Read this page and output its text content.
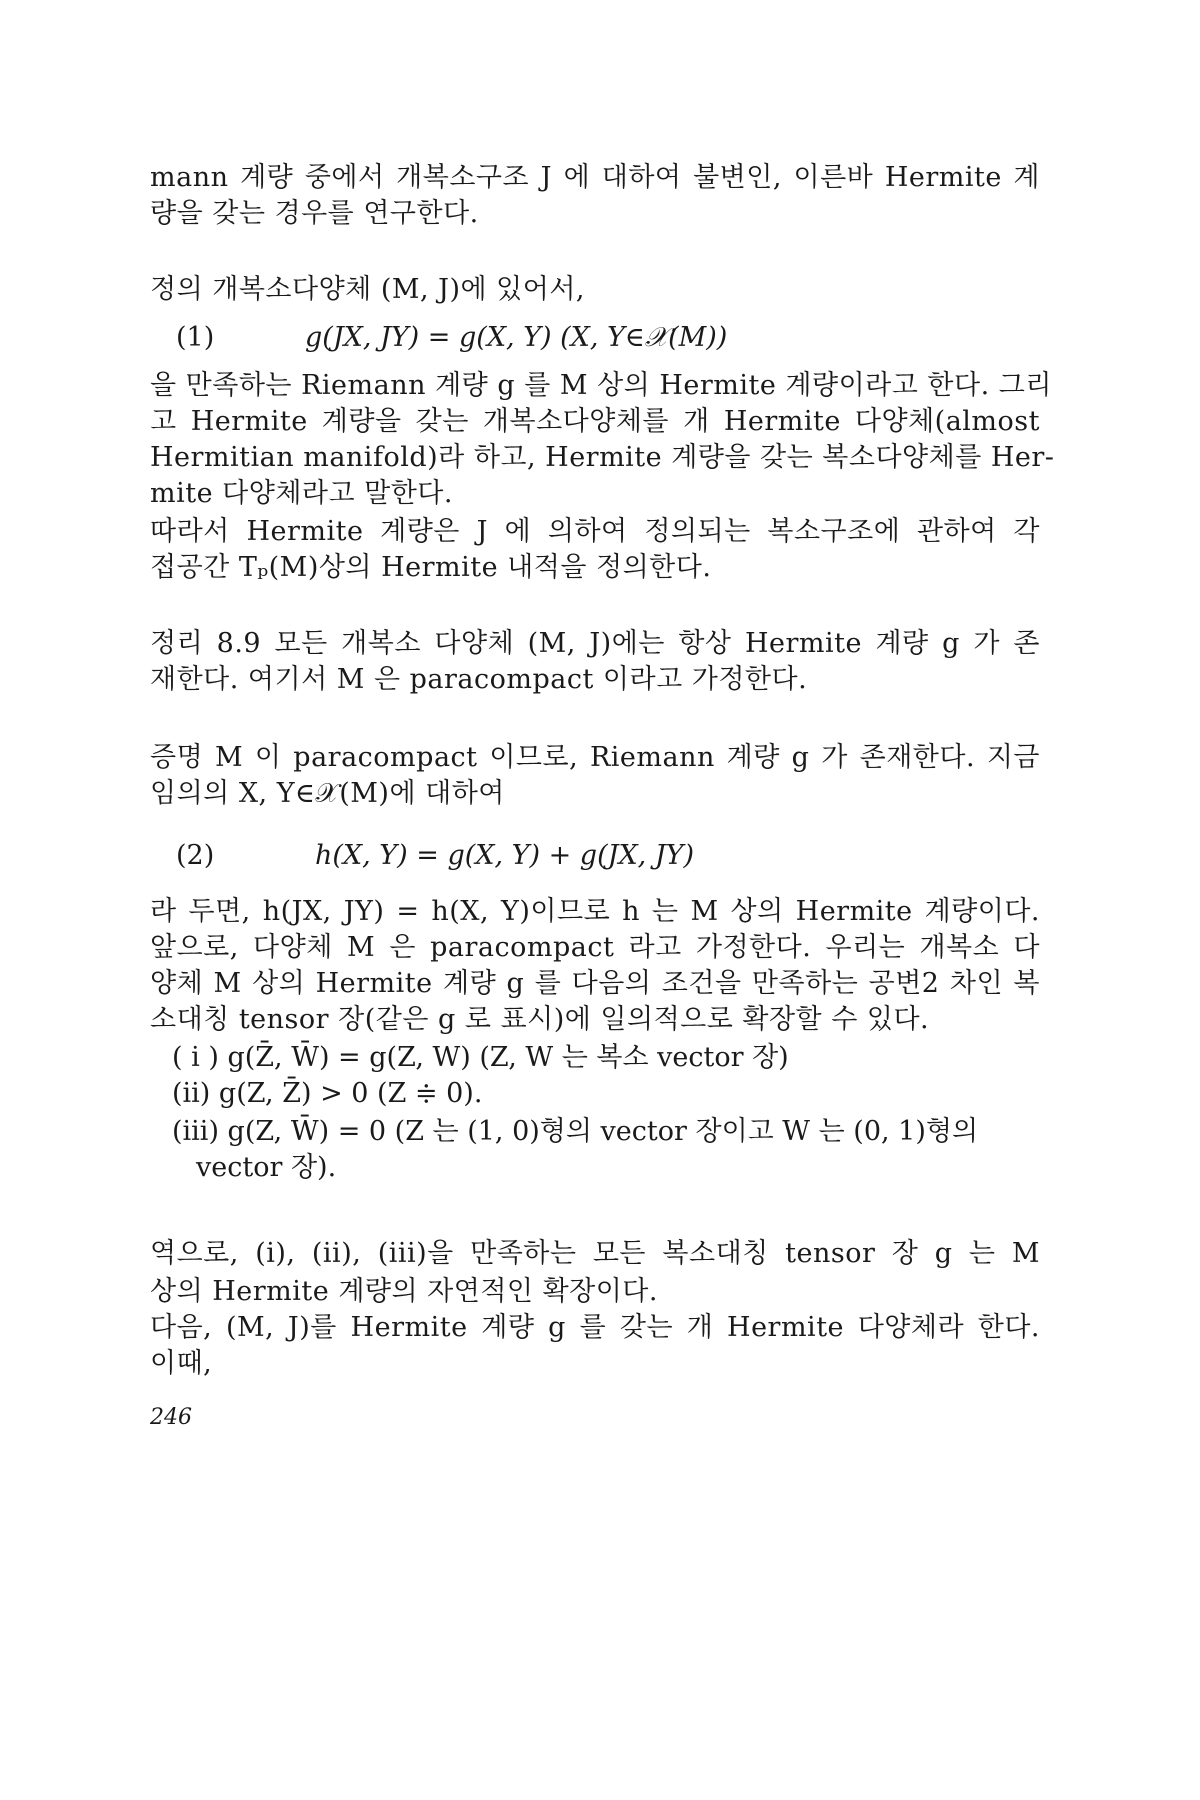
mann 계량 중에서 개복소구조 J 에 대하여 불변인, 이른바 Hermite 계
량을 갖는 경우를 연구한다.
정의 개복소다양체 (M, J)에 있어서,
(1)	g(JX, JY) = g(X, Y) (X, Y∈𝒳(M))
을 만족하는 Riemann 계량 g 를 M 상의 Hermite 계량이라고 한다. 그리
고 Hermite 계량을 갖는 개복소다양체를 개 Hermite 다양체(almost
Hermitian manifold)라 하고, Hermite 계량을 갖는 복소다양체를 Her-
mite 다양체라고 말한다.
따라서 Hermite 계량은 J 에 의하여 정의되는 복소구조에 관하여 각
접공간 Tₚ(M)상의 Hermite 내적을 정의한다.
정리 8.9 모든 개복소 다양체 (M, J)에는 항상 Hermite 계량 g 가 존
재한다. 여기서 M 은 paracompact 이라고 가정한다.
증명 M 이 paracompact 이므로, Riemann 계량 g 가 존재한다. 지금
임의의 X, Y∈𝒳(M)에 대하여
(2)	h(X, Y) = g(X, Y) + g(JX, JY)
라 두면, h(JX, JY) = h(X, Y)이므로 h 는 M 상의 Hermite 계량이다.
앞으로, 다양체 M 은 paracompact 라고 가정한다. 우리는 개복소 다
양체 M 상의 Hermite 계량 g 를 다음의 조건을 만족하는 공변2 차인 복
소대칭 tensor 장(같은 g 로 표시)에 일의적으로 확장할 수 있다.
( i ) g(Z̄, W̄) = g(Z, W) (Z, W 는 복소 vector 장)
(ii) g(Z, Z̄) > 0 (Z ≑ 0).
(iii) g(Z, W̄) = 0 (Z 는 (1, 0)형의 vector 장이고 W 는 (0, 1)형의
vector 장).
역으로, (i), (ii), (iii)을 만족하는 모든 복소대칭 tensor 장 g 는 M
상의 Hermite 계량의 자연적인 확장이다.
다음, (M, J)를 Hermite 계량 g 를 갖는 개 Hermite 다양체라 한다.
이때,
246
